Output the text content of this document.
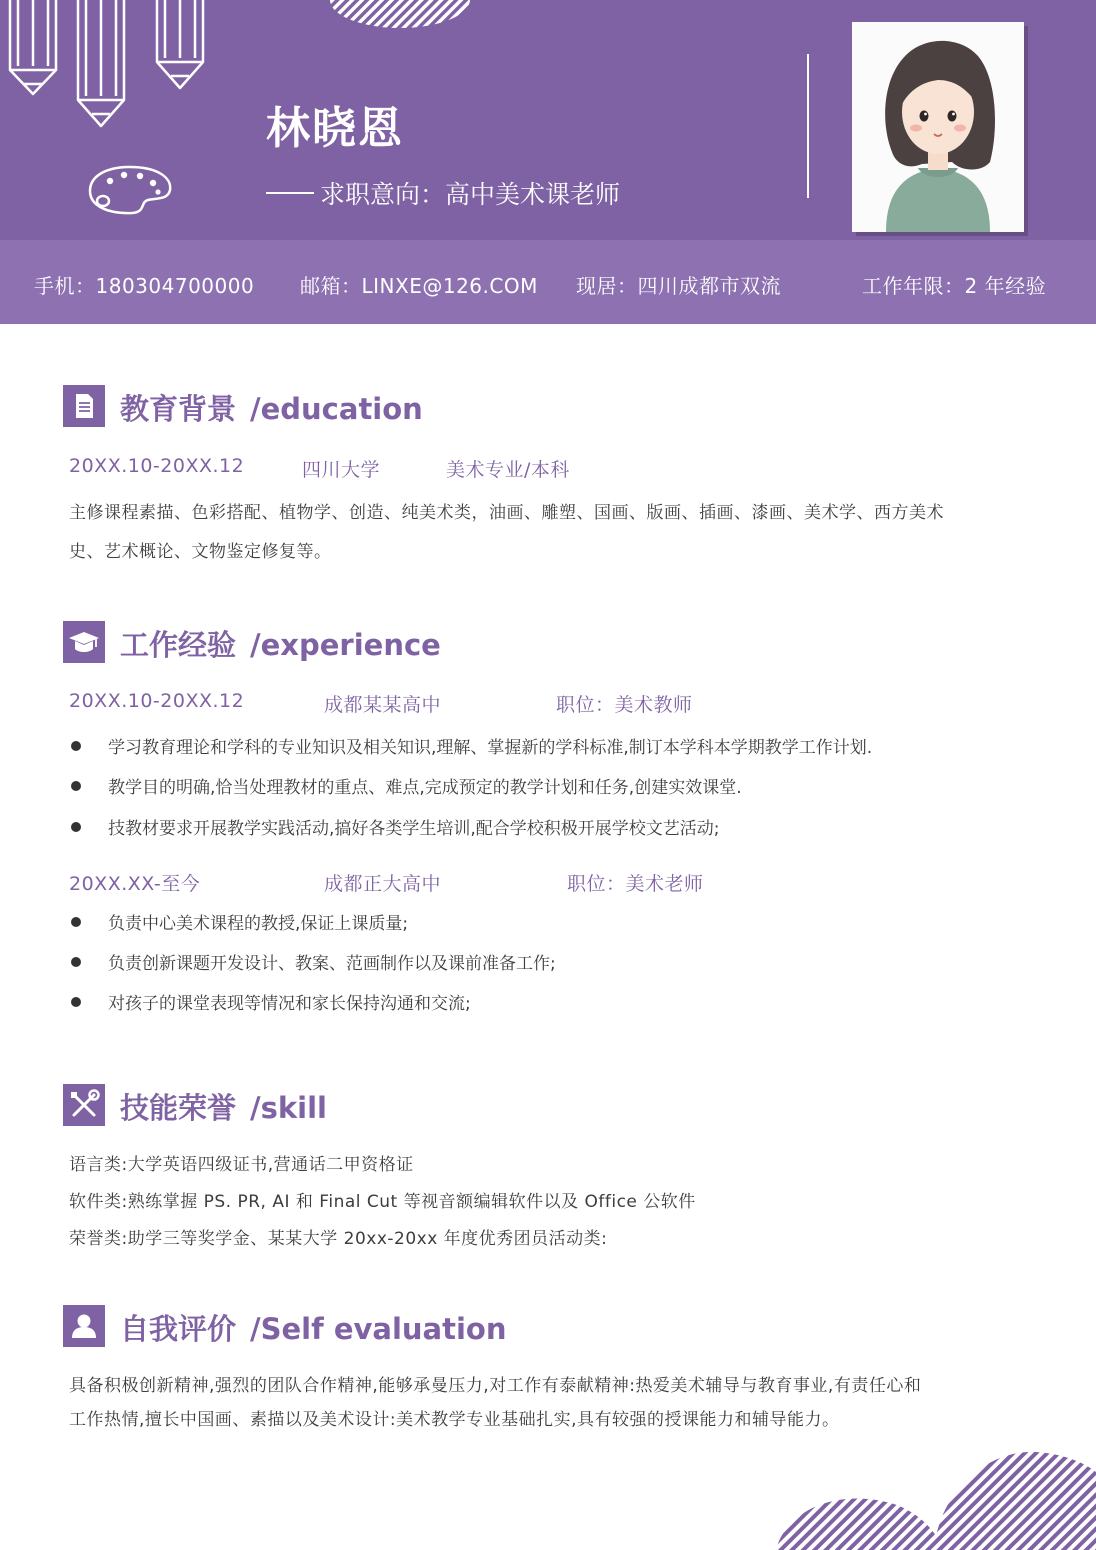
林晓恩
求职意向：高中美术课老师
手机：180304700000 邮箱：LINXE@126.COM 现居：四川成都市双流	工作年限：2 年经验
教育背景 /education
20XX.10-20XX.12	四川大学	美术专业/本科
主修课程素描、色彩搭配、植物学、创造、纯美术类，油画、雕塑、国画、版画、插画、漆画、美术学、西方美术
史、艺术概论、文物鉴定修复等。
工作经验 /experience
20XX.10-20XX.12	成都某某高中	职位：美术教师
学习教育理论和学科的专业知识及相关知识,理解、掌握新的学科标准,制订本学科本学期教学工作计划.
教学目的明确,恰当处理教材的重点、难点,完成预定的教学计划和任务,创建实效课堂.
技教材要求开展教学实践活动,搞好各类学生培训,配合学校积极开展学校文艺活动;
20XX.XX-至今	成都正大高中	职位：美术老师
负责中心美术课程的教授,保证上课质量;
负责创新课题开发设计、教案、范画制作以及课前准备工作;
对孩子的课堂表现等情况和家长保持沟通和交流;
技能荣誉 /skill
语言类:大学英语四级证书,营通话二甲资格证
软件类:熟练掌握 PS. PR, AI 和 Final Cut 等视音额编辑软件以及 Office 公软件
荣誉类:助学三等奖学金、某某大学 20xx-20xx 年度优秀团员活动类:
自我评价 /Self evaluation
具备积极创新精神,强烈的团队合作精神,能够承曼压力,对工作有泰献精神:热爱美术辅导与教育事业,有责任心和
工作热情,擅长中国画、素描以及美术设计:美术教学专业基础扎实,具有较强的授课能力和辅导能力。
